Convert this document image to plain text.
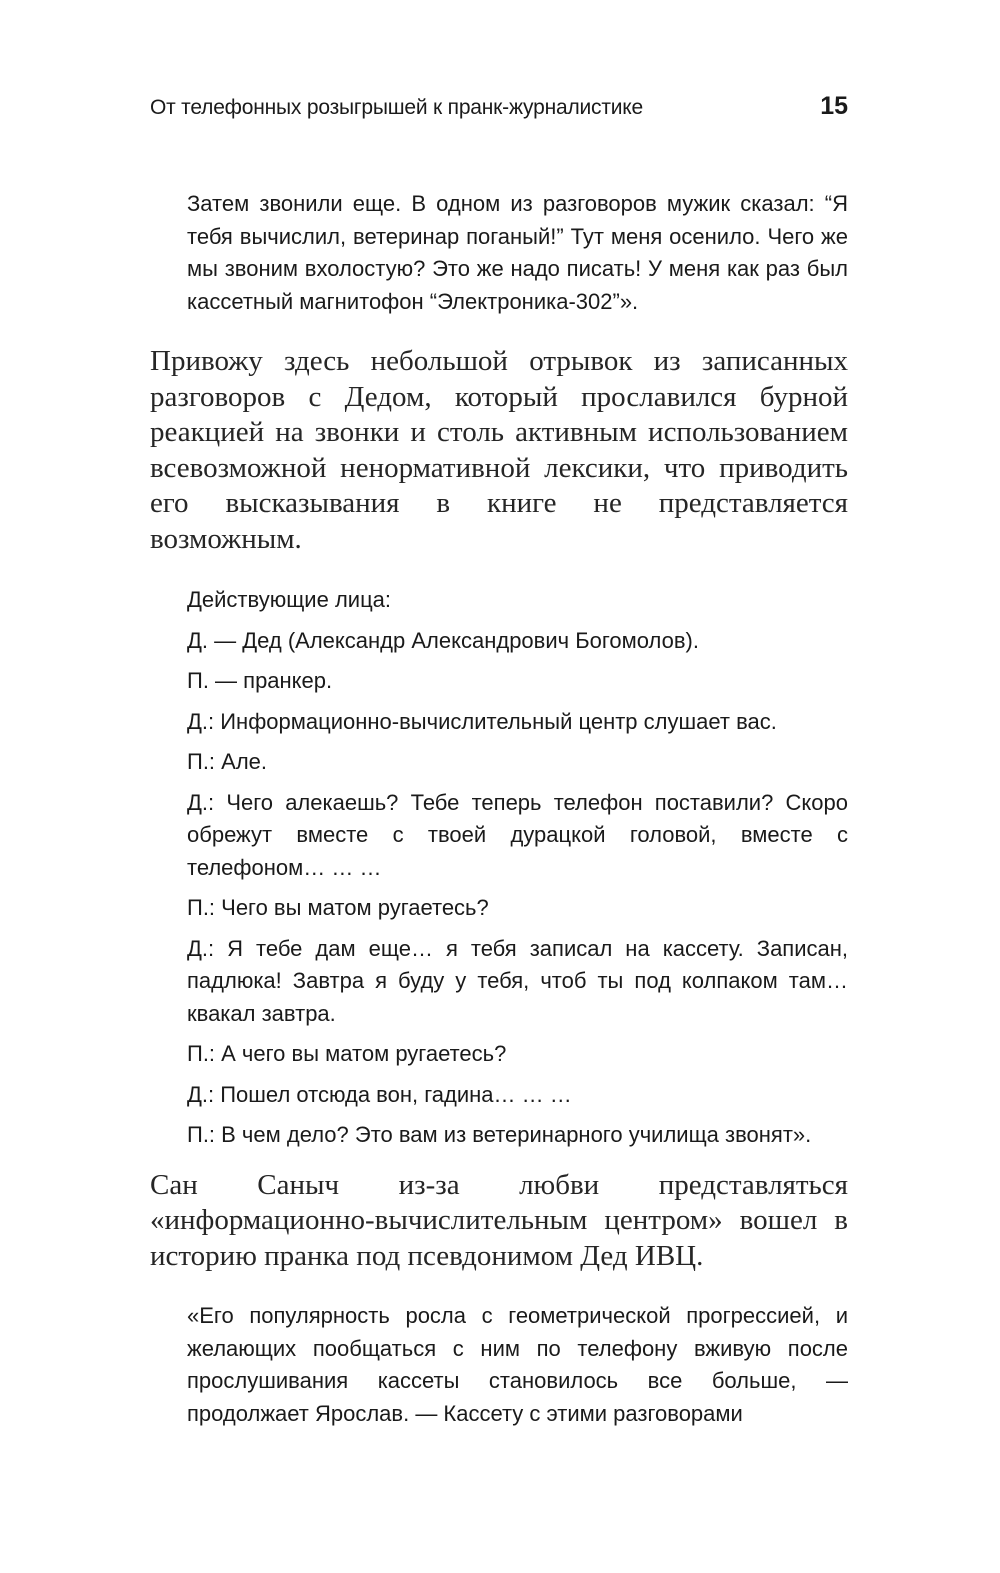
От телефонных розыгрышей к пранк-журналистике	15

Затем звонили еще. В одном из разговоров мужик сказал: “Я тебя вычислил, ветеринар поганый!” Тут меня осенило. Чего же мы звоним вхолостую? Это же надо писать! У меня как раз был кассетный магнитофон “Электроника-302”».

Привожу здесь небольшой отрывок из записанных разговоров с Дедом, который прославился бурной реакцией на звонки и столь активным использованием всевозможной ненормативной лексики, что приводить его высказывания в книге не представляется возможным.

Действующие лица:

Д. — Дед (Александр Александрович Богомолов).

П. — пранкер.

Д.: Информационно-вычислительный центр слушает вас.

П.: Але.

Д.: Чего алекаешь? Тебе теперь телефон поставили? Скоро обрежут вместе с твоей дурацкой головой, вместе с телефоном… … …

П.: Чего вы матом ругаетесь?

Д.: Я тебе дам еще… я тебя записал на кассету. Записан, падлюка! Завтра я буду у тебя, чтоб ты под колпаком там… квакал завтра.

П.: А чего вы матом ругаетесь?

Д.: Пошел отсюда вон, гадина… … …

П.: В чем дело? Это вам из ветеринарного училища звонят».

Сан Саныч из-за любви представляться «информационно-вычислительным центром» вошел в историю пранка под псевдонимом Дед ИВЦ.

«Его популярность росла с геометрической прогрессией, и желающих пообщаться с ним по телефону вживую после прослушивания кассеты становилось все больше, — продолжает Ярослав. — Кассету с этими разговорами
